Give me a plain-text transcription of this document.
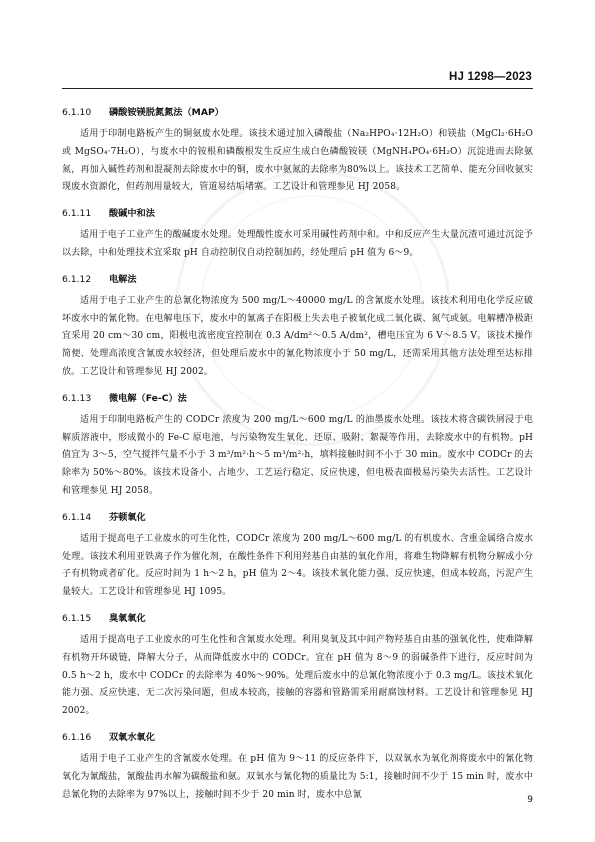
HJ 1298—2023
6.1.10	磷酸铵镁脱氮氮法（MAP）

适用于印制电路板产生的铜氨废水处理。该技术通过加入磷酸盐（Na₂HPO₄·12H₂O）和镁盐（MgCl₂·6H₂O 或 MgSO₄·7H₂O），与废水中的铵根和磷酸根发生反应生成白色磷酸铵镁（MgNH₄PO₄·6H₂O）沉淀进而去除氨氮，再加入碱性药剂和混凝剂去除废水中的铜，废水中氨氮的去除率为80%以上。该技术工艺简单、能充分回收氨实现废水资源化，但药剂用量较大，管道易结垢堵塞。工艺设计和管理参见 HJ 2058。

6.1.11	酸碱中和法

适用于电子工业产生的酸碱废水处理。处理酸性废水可采用碱性药剂中和。中和反应产生大量沉渣可通过沉淀予以去除，中和处理技术宜采取 pH 自动控制仪自动控制加药，经处理后 pH 值为 6～9。

6.1.12	电解法

适用于电子工业产生的总氰化物浓度为 500 mg/L～40000 mg/L 的含氰废水处理。该技术利用电化学反应破坏废水中的氰化物。在电解电压下，废水中的氰离子在阳极上失去电子被氧化成二氧化碳、氮气或氨。电解槽净极距宜采用 20 cm～30 cm，阳极电流密度宜控制在 0.3 A/dm²～0.5 A/dm²，槽电压宜为 6 V～8.5 V。该技术操作简便、处理高浓度含氰废水较经济，但处理后废水中的氰化物浓度小于 50 mg/L，还需采用其他方法处理至达标排放。工艺设计和管理参见 HJ 2002。

6.1.13	微电解（Fe-C）法

适用于印制电路板产生的 CODCr 浓度为 200 mg/L～600 mg/L 的油墨废水处理。该技术将含碳铁屑浸于电解质溶液中，形成微小的 Fe-C 原电池，与污染物发生氧化、还原、吸附、絮凝等作用，去除废水中的有机物。pH 值宜为 3～5，空气搅拌气量不小于 3 m³/m²·h～5 m³/m²·h，填料接触时间不小于 30 min。废水中 CODCr 的去除率为 50%～80%。该技术设备小、占地少、工艺运行稳定、反应快速，但电极表面极易污染失去活性。工艺设计和管理参见 HJ 2058。

6.1.14	芬顿氧化

适用于提高电子工业废水的可生化性，CODCr 浓度为 200 mg/L～600 mg/L 的有机废水、含重金属络合废水处理。该技术利用亚铁离子作为催化剂，在酸性条件下利用羟基自由基的氧化作用，将难生物降解有机物分解成小分子有机物或者矿化。反应时间为 1 h～2 h，pH 值为 2～4。该技术氧化能力强、反应快速，但成本较高，污泥产生量较大。工艺设计和管理参见 HJ 1095。

6.1.15	臭氧氧化

适用于提高电子工业废水的可生化性和含氰废水处理。利用臭氧及其中间产物羟基自由基的强氧化性，使难降解有机物开环破链，降解大分子，从而降低废水中的 CODCr。宜在 pH 值为 8～9 的弱碱条件下进行，反应时间为 0.5 h～2 h，废水中 CODCr 的去除率为 40%～90%。处理后废水中的总氰化物浓度小于 0.3 mg/L。该技术氧化能力强、反应快速、无二次污染问题，但成本较高，接触的容器和管路需采用耐腐蚀材料。工艺设计和管理参见 HJ 2002。

6.1.16	双氧水氧化

适用于电子工业产生的含氰废水处理。在 pH 值为 9～11 的反应条件下，以双氧水为氧化剂将废水中的氰化物氧化为氰酸盐，氰酸盐再水解为碳酸盐和氨。双氧水与氰化物的质量比为 5:1，接触时间不少于 15 min 时，废水中总氰化物的去除率为 97%以上，接触时间不少于 20 min 时，废水中总氰

9
